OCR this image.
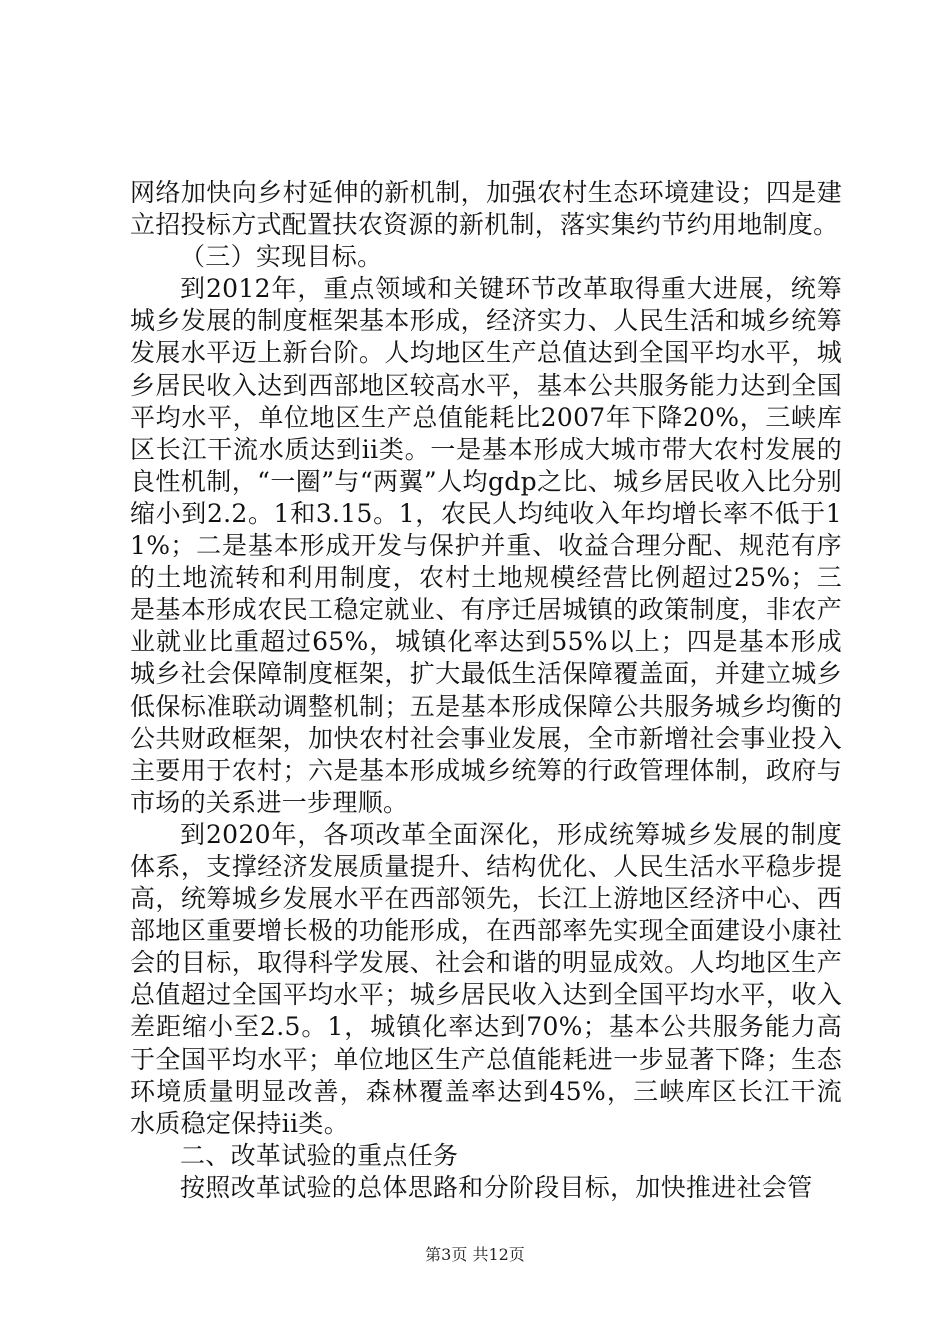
网络加快向乡村延伸的新机制，加强农村生态环境建设；四是建立招投标方式配置扶农资源的新机制，落实集约节约用地制度。

（三）实现目标。

到2012年，重点领域和关键环节改革取得重大进展，统筹城乡发展的制度框架基本形成，经济实力、人民生活和城乡统筹发展水平迈上新台阶。人均地区生产总值达到全国平均水平，城乡居民收入达到西部地区较高水平，基本公共服务能力达到全国平均水平，单位地区生产总值能耗比2007年下降20%，三峡库区长江干流水质达到ii类。一是基本形成大城市带大农村发展的良性机制，“一圈”与“两翼”人均gdp之比、城乡居民收入比分别缩小到2.2。1和3.15。1，农民人均纯收入年均增长率不低于11%；二是基本形成开发与保护并重、收益合理分配、规范有序的土地流转和利用制度，农村土地规模经营比例超过25%；三是基本形成农民工稳定就业、有序迁居城镇的政策制度，非农产业就业比重超过65%，城镇化率达到55%以上；四是基本形成城乡社会保障制度框架，扩大最低生活保障覆盖面，并建立城乡低保标准联动调整机制；五是基本形成保障公共服务城乡均衡的公共财政框架，加快农村社会事业发展，全市新增社会事业投入主要用于农村；六是基本形成城乡统筹的行政管理体制，政府与市场的关系进一步理顺。

到2020年，各项改革全面深化，形成统筹城乡发展的制度体系，支撑经济发展质量提升、结构优化、人民生活水平稳步提高，统筹城乡发展水平在西部领先，长江上游地区经济中心、西部地区重要增长极的功能形成，在西部率先实现全面建设小康社会的目标，取得科学发展、社会和谐的明显成效。人均地区生产总值超过全国平均水平；城乡居民收入达到全国平均水平，收入差距缩小至2.5。1，城镇化率达到70%；基本公共服务能力高于全国平均水平；单位地区生产总值能耗进一步显著下降；生态环境质量明显改善，森林覆盖率达到45%，三峡库区长江干流水质稳定保持ii类。

二、改革试验的重点任务

按照改革试验的总体思路和分阶段目标，加快推进社会管

第3页 共12页
